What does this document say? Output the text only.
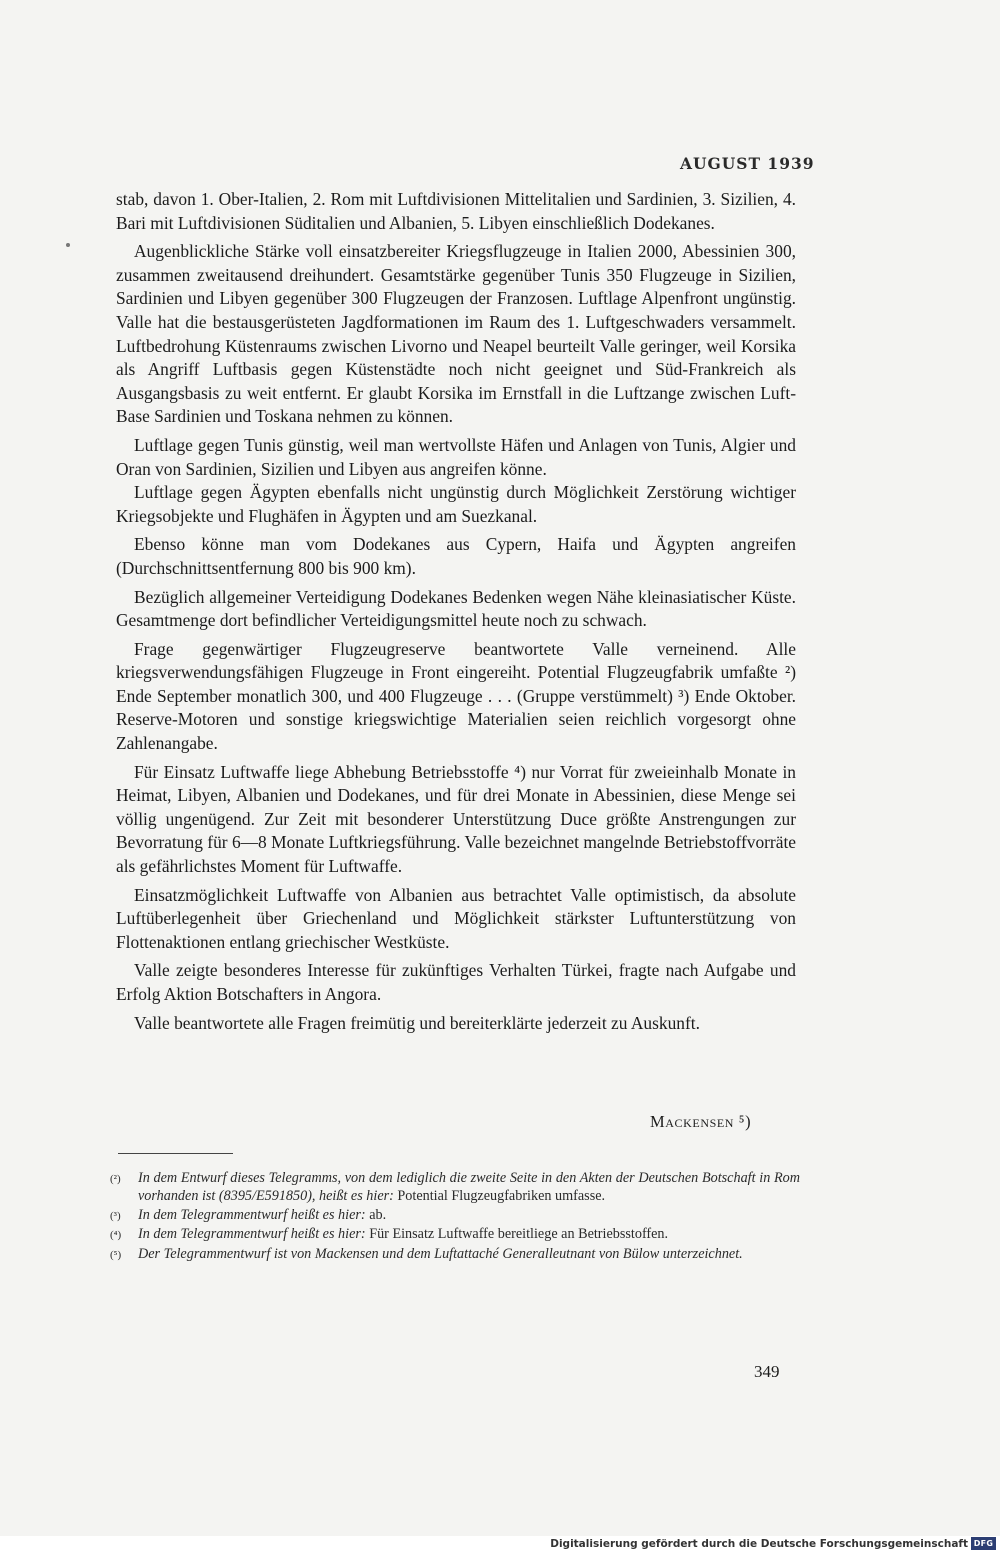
AUGUST 1939

stab, davon 1. Ober-Italien, 2. Rom mit Luftdivisionen Mittelitalien und Sardinien, 3. Sizilien, 4. Bari mit Luftdivisionen Süditalien und Albanien, 5. Libyen einschließlich Dodekanes.

Augenblickliche Stärke voll einsatzbereiter Kriegsflugzeuge in Italien 2000, Abessinien 300, zusammen zweitausend dreihundert. Gesamtstärke gegenüber Tunis 350 Flugzeuge in Sizilien, Sardinien und Libyen gegenüber 300 Flugzeugen der Franzosen. Luftlage Alpenfront ungünstig. Valle hat die bestausgerüsteten Jagdformationen im Raum des 1. Luftgeschwaders versammelt. Luftbedrohung Küstenraums zwischen Livorno und Neapel beurteilt Valle geringer, weil Korsika als Angriff Luftbasis gegen Küstenstädte noch nicht geeignet und Süd-Frankreich als Ausgangsbasis zu weit entfernt. Er glaubt Korsika im Ernstfall in die Luftzange zwischen Luft-Base Sardinien und Toskana nehmen zu können.

Luftlage gegen Tunis günstig, weil man wertvollste Häfen und Anlagen von Tunis, Algier und Oran von Sardinien, Sizilien und Libyen aus angreifen könne.

Luftlage gegen Ägypten ebenfalls nicht ungünstig durch Möglichkeit Zerstörung wichtiger Kriegsobjekte und Flughäfen in Ägypten und am Suezkanal.

Ebenso könne man vom Dodekanes aus Cypern, Haifa und Ägypten angreifen (Durchschnittsentfernung 800 bis 900 km).

Bezüglich allgemeiner Verteidigung Dodekanes Bedenken wegen Nähe kleinasiatischer Küste. Gesamtmenge dort befindlicher Verteidigungsmittel heute noch zu schwach.

Frage gegenwärtiger Flugzeugreserve beantwortete Valle verneinend. Alle kriegsverwendungsfähigen Flugzeuge in Front eingereiht. Potential Flugzeugfabrik umfaßte ²) Ende September monatlich 300, und 400 Flugzeuge . . . (Gruppe verstümmelt) ³) Ende Oktober. Reserve-Motoren und sonstige kriegswichtige Materialien seien reichlich vorgesorgt ohne Zahlenangabe.

Für Einsatz Luftwaffe liege Abhebung Betriebsstoffe ⁴) nur Vorrat für zweieinhalb Monate in Heimat, Libyen, Albanien und Dodekanes, und für drei Monate in Abessinien, diese Menge sei völlig ungenügend. Zur Zeit mit besonderer Unterstützung Duce größte Anstrengungen zur Bevorratung für 6—8 Monate Luftkriegsführung. Valle bezeichnet mangelnde Betriebstoffvorräte als gefährlichstes Moment für Luftwaffe.

Einsatzmöglichkeit Luftwaffe von Albanien aus betrachtet Valle optimistisch, da absolute Luftüberlegenheit über Griechenland und Möglichkeit stärkster Luftunterstützung von Flottenaktionen entlang griechischer Westküste.

Valle zeigte besonderes Interesse für zukünftiges Verhalten Türkei, fragte nach Aufgabe und Erfolg Aktion Botschafters in Angora.

Valle beantwortete alle Fragen freimütig und bereiterklärte jederzeit zu Auskunft.

Mackensen ⁵)
(²)	In dem Entwurf dieses Telegramms, von dem lediglich die zweite Seite in den Akten der Deutschen Botschaft in Rom vorhanden ist (8395/E591850), heißt es hier: Potential Flugzeugfabriken umfasse.
(³)	In dem Telegrammentwurf heißt es hier: ab.
(⁴)	In dem Telegrammentwurf heißt es hier: Für Einsatz Luftwaffe bereitliege an Betriebsstoffen.
(⁵)	Der Telegrammentwurf ist von Mackensen und dem Luftattaché Generalleutnant von Bülow unterzeichnet.
349
Digitalisierung gefördert durch die Deutsche Forschungsgemeinschaft DFG
